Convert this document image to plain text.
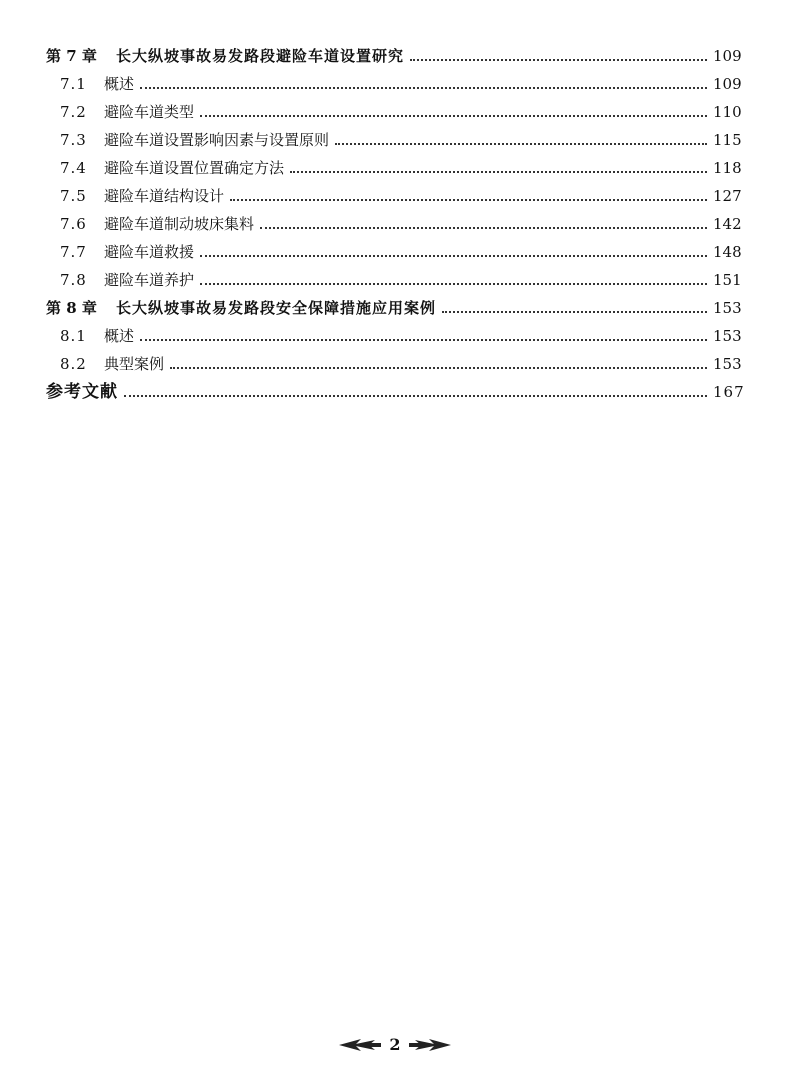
第 7 章	长大纵坡事故易发路段避险车道设置研究	109
7.1	概述	109
7.2	避险车道类型	110
7.3	避险车道设置影响因素与设置原则	115
7.4	避险车道设置位置确定方法	118
7.5	避险车道结构设计	127
7.6	避险车道制动坡床集料	142
7.7	避险车道救援	148
7.8	避险车道养护	151
第 8 章	长大纵坡事故易发路段安全保障措施应用案例	153
8.1	概述	153
8.2	典型案例	153
参考文献	167
2
